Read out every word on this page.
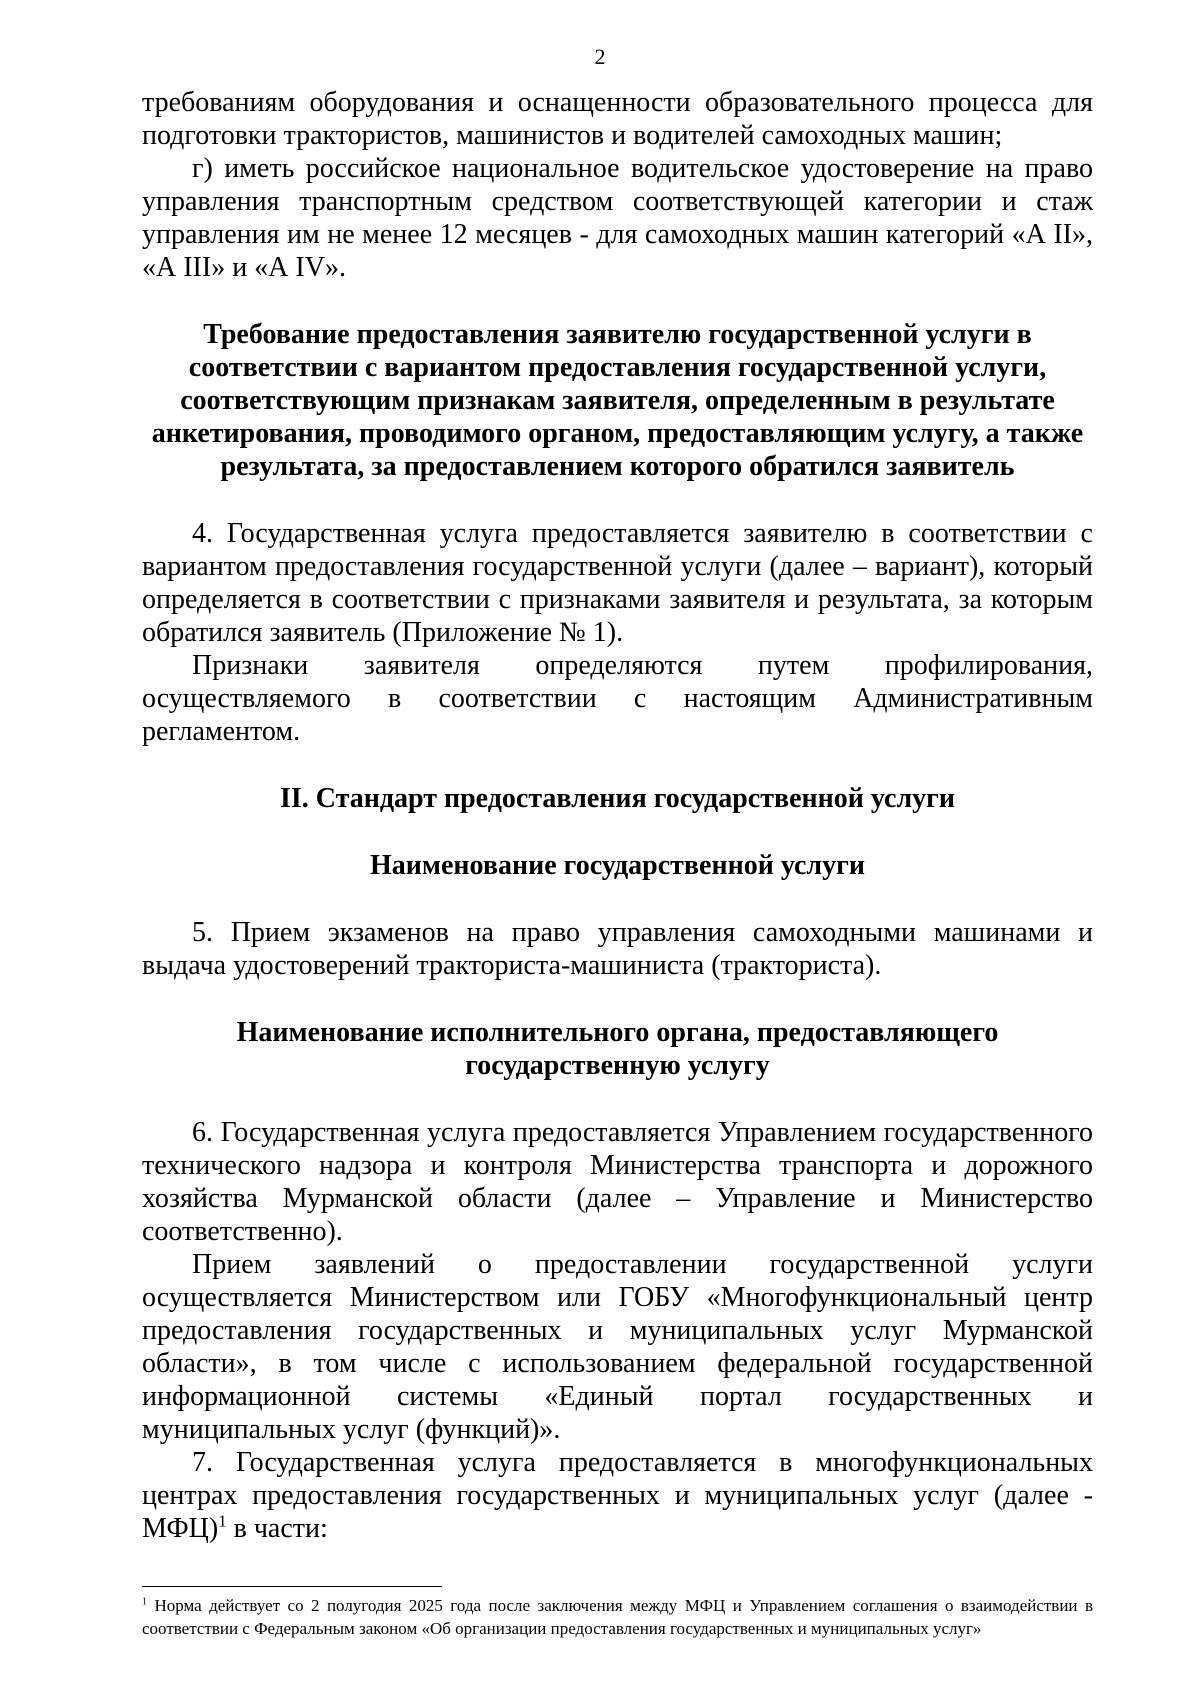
2

требованиям оборудования и оснащенности образовательного процесса для подготовки трактористов, машинистов и водителей самоходных машин;

г) иметь российское национальное водительское удостоверение на право управления транспортным средством соответствующей категории и стаж управления им не менее 12 месяцев - для самоходных машин категорий «А II», «А III» и «А IV».

Требование предоставления заявителю государственной услуги в соответствии с вариантом предоставления государственной услуги, соответствующим признакам заявителя, определенным в результате анкетирования, проводимого органом, предоставляющим услугу, а также результата, за предоставлением которого обратился заявитель

4. Государственная услуга предоставляется заявителю в соответствии с вариантом предоставления государственной услуги (далее – вариант), который определяется в соответствии с признаками заявителя и результата, за которым обратился заявитель (Приложение № 1).

Признаки заявителя определяются путем профилирования, осуществляемого в соответствии с настоящим Административным регламентом.

II. Стандарт предоставления государственной услуги

Наименование государственной услуги

5. Прием экзаменов на право управления самоходными машинами и выдача удостоверений тракториста-машиниста (тракториста).

Наименование исполнительного органа, предоставляющего государственную услугу

6. Государственная услуга предоставляется Управлением государственного технического надзора и контроля Министерства транспорта и дорожного хозяйства Мурманской области (далее – Управление и Министерство соответственно).

Прием заявлений о предоставлении государственной услуги осуществляется Министерством или ГОБУ «Многофункциональный центр предоставления государственных и муниципальных услуг Мурманской области», в том числе с использованием федеральной государственной информационной системы «Единый портал государственных и муниципальных услуг (функций)».

7. Государственная услуга предоставляется в многофункциональных центрах предоставления государственных и муниципальных услуг (далее - МФЦ)$^1$ в части:

$^1$ Норма действует со 2 полугодия 2025 года после заключения между МФЦ и Управлением соглашения о взаимодействии в соответствии с Федеральным законом «Об организации предоставления государственных и муниципальных услуг»
